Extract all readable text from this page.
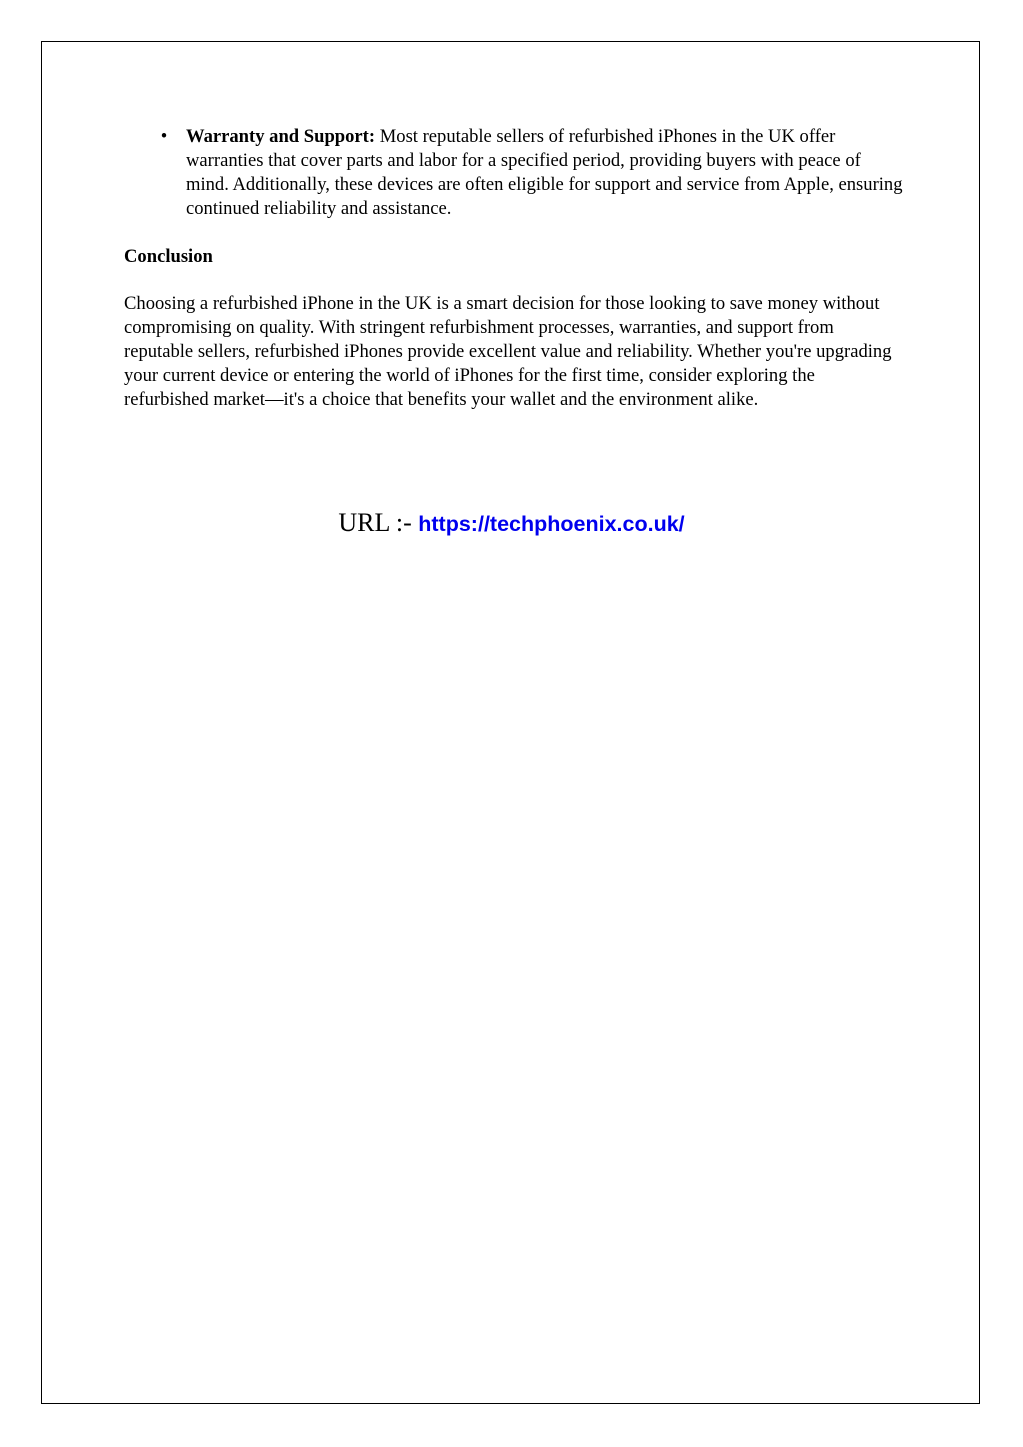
•	Warranty and Support: Most reputable sellers of refurbished iPhones in the UK offer warranties that cover parts and labor for a specified period, providing buyers with peace of mind. Additionally, these devices are often eligible for support and service from Apple, ensuring continued reliability and assistance.
Conclusion
Choosing a refurbished iPhone in the UK is a smart decision for those looking to save money without compromising on quality. With stringent refurbishment processes, warranties, and support from reputable sellers, refurbished iPhones provide excellent value and reliability. Whether you're upgrading your current device or entering the world of iPhones for the first time, consider exploring the refurbished market—it's a choice that benefits your wallet and the environment alike.
URL :- https://techphoenix.co.uk/
